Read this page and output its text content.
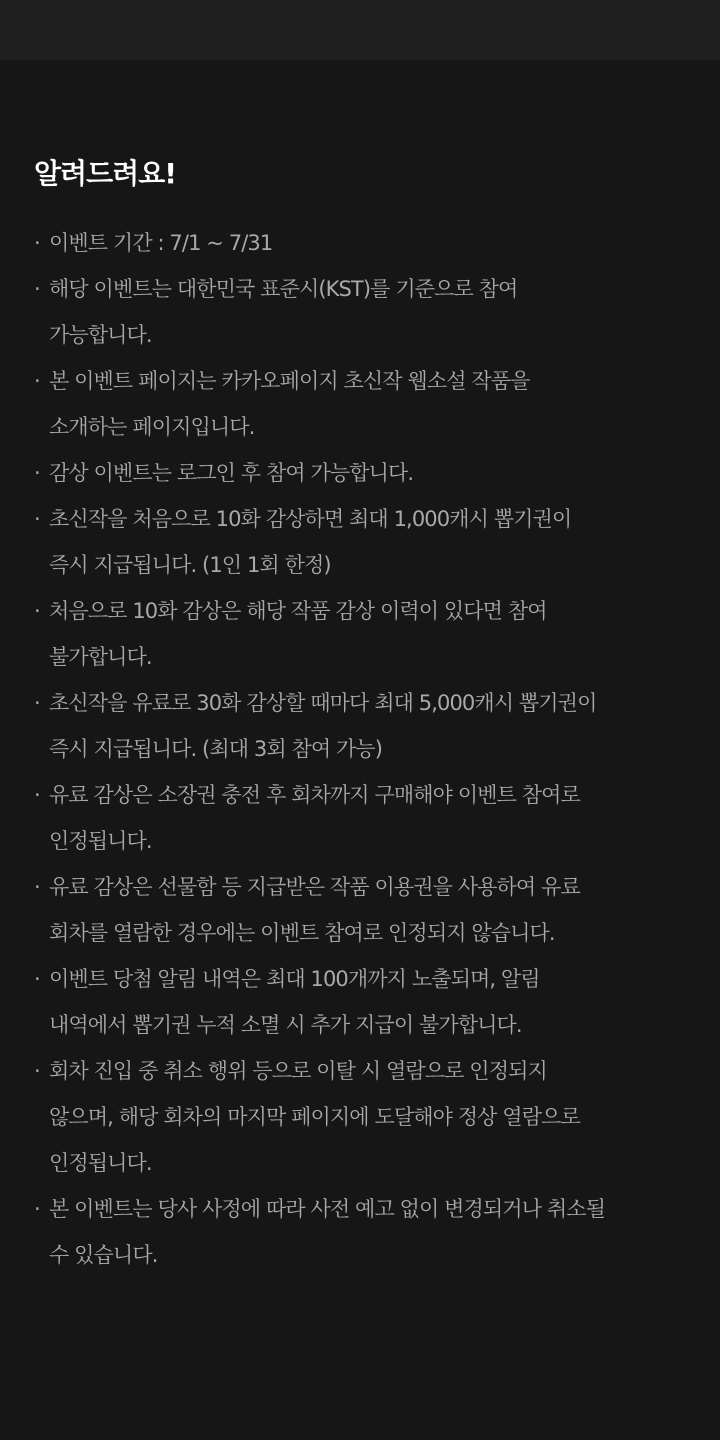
알려드려요!
· 이벤트 기간 : 7/1 ~ 7/31
· 해당 이벤트는 대한민국 표준시(KST)를 기준으로 참여
가능합니다.
· 본 이벤트 페이지는 카카오페이지 초신작 웹소설 작품을
소개하는 페이지입니다.
· 감상 이벤트는 로그인 후 참여 가능합니다.
· 초신작을 처음으로 10화 감상하면 최대 1,000캐시 뽑기권이
즉시 지급됩니다. (1인 1회 한정)
· 처음으로 10화 감상은 해당 작품 감상 이력이 있다면 참여
불가합니다.
· 초신작을 유료로 30화 감상할 때마다 최대 5,000캐시 뽑기권이
즉시 지급됩니다. (최대 3회 참여 가능)
· 유료 감상은 소장권 충전 후 회차까지 구매해야 이벤트 참여로
인정됩니다.
· 유료 감상은 선물함 등 지급받은 작품 이용권을 사용하여 유료
회차를 열람한 경우에는 이벤트 참여로 인정되지 않습니다.
· 이벤트 당첨 알림 내역은 최대 100개까지 노출되며, 알림
내역에서 뽑기권 누적 소멸 시 추가 지급이 불가합니다.
· 회차 진입 중 취소 행위 등으로 이탈 시 열람으로 인정되지
않으며, 해당 회차의 마지막 페이지에 도달해야 정상 열람으로
인정됩니다.
· 본 이벤트는 당사 사정에 따라 사전 예고 없이 변경되거나 취소될
수 있습니다.
